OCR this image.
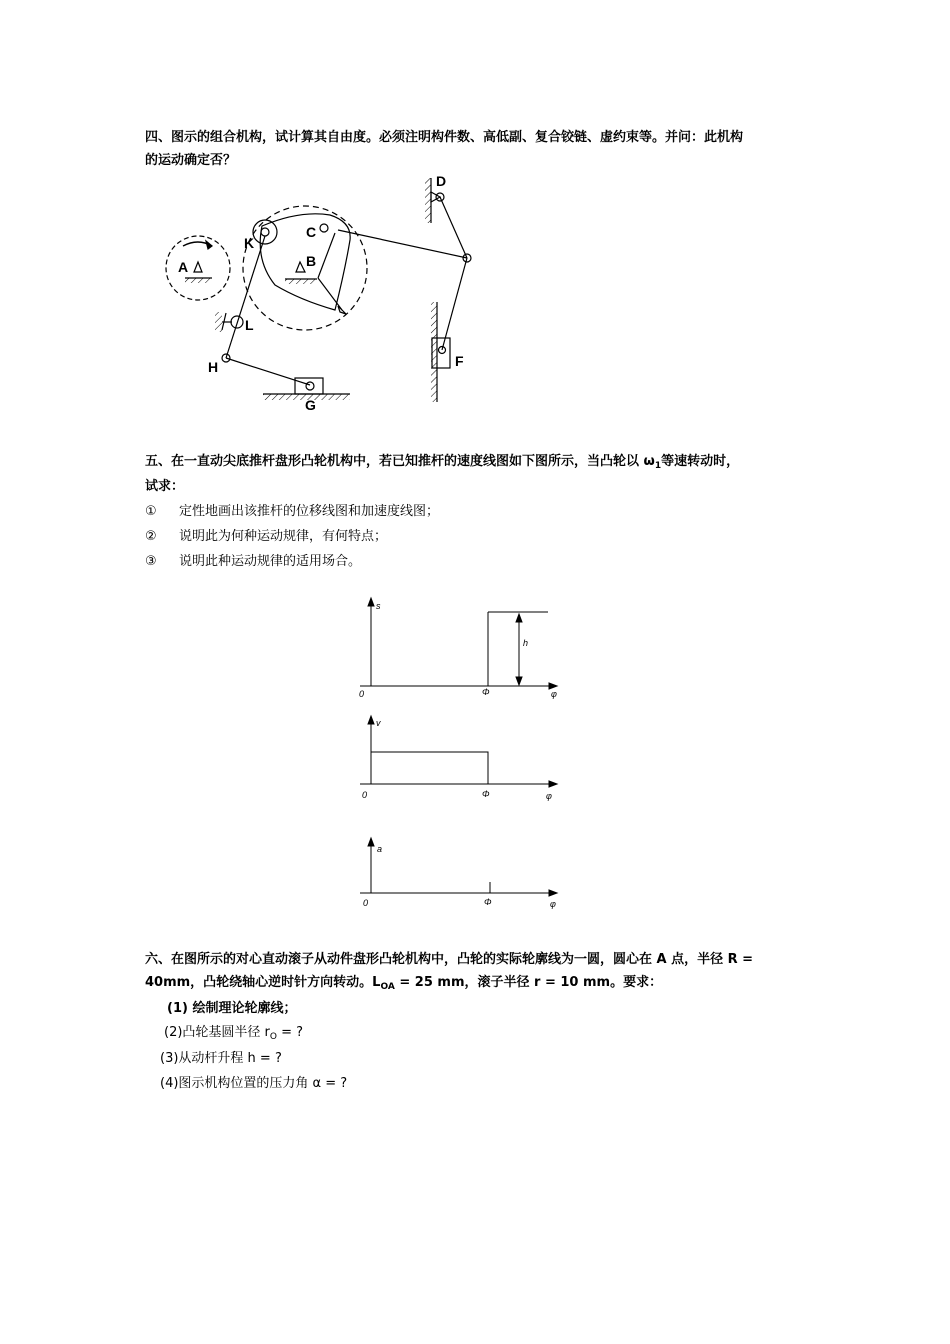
四、图示的组合机构，试计算其自由度。必须注明构件数、高低副、复合铰链、虚约束等。并问：此机构
的运动确定否？
A	B
C
D
F
G
H
K
L
五、在一直动尖底推杆盘形凸轮机构中，若已知推杆的速度线图如下图所示，当凸轮以 $\omega_1$等速转动时，
试求：
① 定性地画出该推杆的位移线图和加速度线图；
② 说明此为何种运动规律，有何特点；
③ 说明此种运动规律的适用场合。
s
0	Φ	φ
h
v
0	Φ	φ
a
0	Φ	φ
六、在图所示的对心直动滚子从动件盘形凸轮机构中，凸轮的实际轮廓线为一圆，圆心在 A 点，半径 R =
40mm，凸轮绕轴心逆时针方向转动。$L_{OA} = 25$ mm，滚子半径 r = 10 mm。要求：
(1) 绘制理论轮廓线；
(2)凸轮基圆半径 $r_O$ = ?
(3)从动杆升程 h = ?
(4)图示机构位置的压力角 α = ?
